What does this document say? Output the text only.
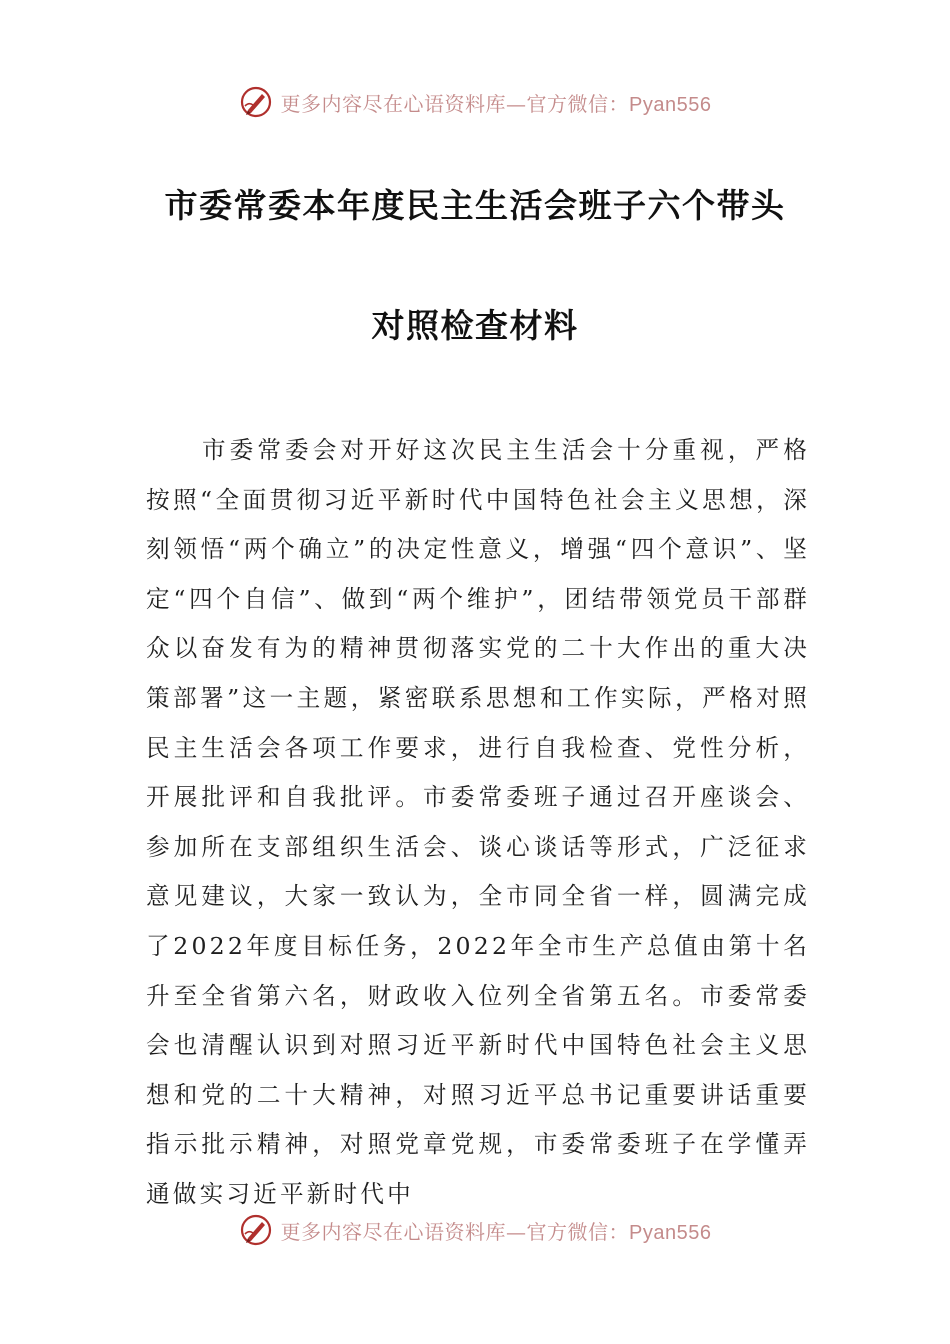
更多内容尽在心语资料库—官方微信：Pyan556
市委常委本年度民主生活会班子六个带头
对照检查材料

市委常委会对开好这次民主生活会十分重视，严格按照“全面贯彻习近平新时代中国特色社会主义思想，深刻领悟“两个确立”的决定性意义，增强“四个意识”、坚定“四个自信”、做到“两个维护”，团结带领党员干部群众以奋发有为的精神贯彻落实党的二十大作出的重大决策部署”这一主题，紧密联系思想和工作实际，严格对照民主生活会各项工作要求，进行自我检查、党性分析，开展批评和自我批评。市委常委班子通过召开座谈会、参加所在支部组织生活会、谈心谈话等形式，广泛征求意见建议，大家一致认为，全市同全省一样，圆满完成了2022年度目标任务，2022年全市生产总值由第十名升至全省第六名，财政收入位列全省第五名。市委常委会也清醒认识到对照习近平新时代中国特色社会主义思想和党的二十大精神，对照习近平总书记重要讲话重要指示批示精神，对照党章党规，市委常委班子在学懂弄通做实习近平新时代中

更多内容尽在心语资料库—官方微信：Pyan556
